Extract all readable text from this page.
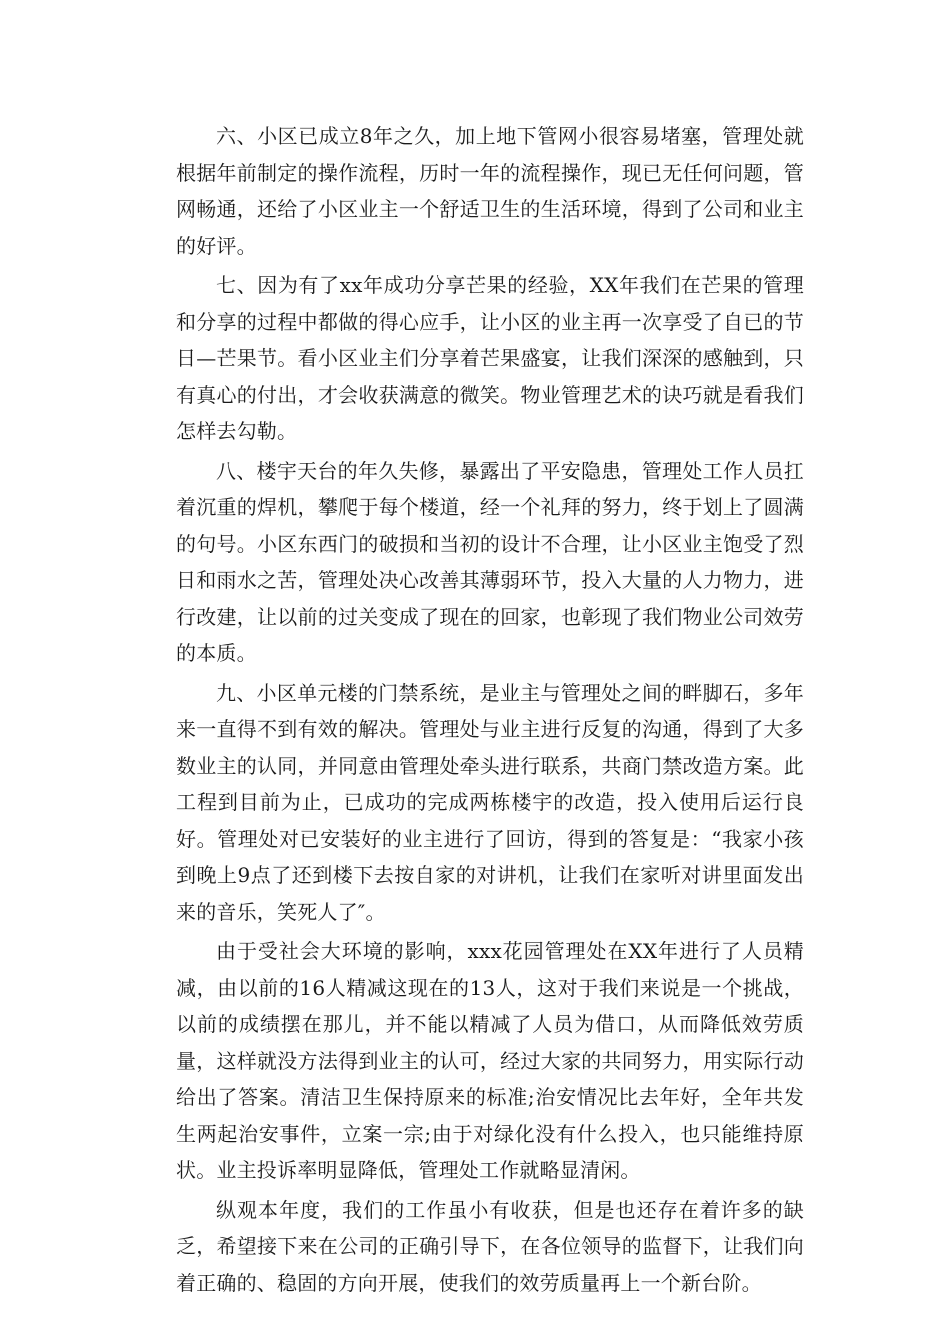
六、小区已成立8年之久，加上地下管网小很容易堵塞，管理处就根据年前制定的操作流程，历时一年的流程操作，现已无任何问题，管网畅通，还给了小区业主一个舒适卫生的生活环境，得到了公司和业主的好评。

七、因为有了xx年成功分享芒果的经验，XX年我们在芒果的管理和分享的过程中都做的得心应手，让小区的业主再一次享受了自已的节日—芒果节。看小区业主们分享着芒果盛宴，让我们深深的感触到，只有真心的付出，才会收获满意的微笑。物业管理艺术的诀巧就是看我们怎样去勾勒。

八、楼宇天台的年久失修，暴露出了平安隐患，管理处工作人员扛着沉重的焊机，攀爬于每个楼道，经一个礼拜的努力，终于划上了圆满的句号。小区东西门的破损和当初的设计不合理，让小区业主饱受了烈日和雨水之苦，管理处决心改善其薄弱环节，投入大量的人力物力，进行改建，让以前的过关变成了现在的回家，也彰现了我们物业公司效劳的本质。

九、小区单元楼的门禁系统，是业主与管理处之间的畔脚石，多年来一直得不到有效的解决。管理处与业主进行反复的沟通，得到了大多数业主的认同，并同意由管理处牵头进行联系，共商门禁改造方案。此工程到目前为止，已成功的完成两栋楼宇的改造，投入使用后运行良好。管理处对已安装好的业主进行了回访，得到的答复是：“我家小孩到晚上9点了还到楼下去按自家的对讲机，让我们在家听对讲里面发出来的音乐，笑死人了″。

由于受社会大环境的影响，xxx花园管理处在XX年进行了人员精减，由以前的16人精减这现在的13人，这对于我们来说是一个挑战，以前的成绩摆在那儿，并不能以精减了人员为借口，从而降低效劳质量，这样就没方法得到业主的认可，经过大家的共同努力，用实际行动给出了答案。清洁卫生保持原来的标准;治安情况比去年好，全年共发生两起治安事件，立案一宗;由于对绿化没有什么投入，也只能维持原状。业主投诉率明显降低，管理处工作就略显清闲。

纵观本年度，我们的工作虽小有收获，但是也还存在着许多的缺乏，希望接下来在公司的正确引导下，在各位领导的监督下，让我们向着正确的、稳固的方向开展，使我们的效劳质量再上一个新台阶。
